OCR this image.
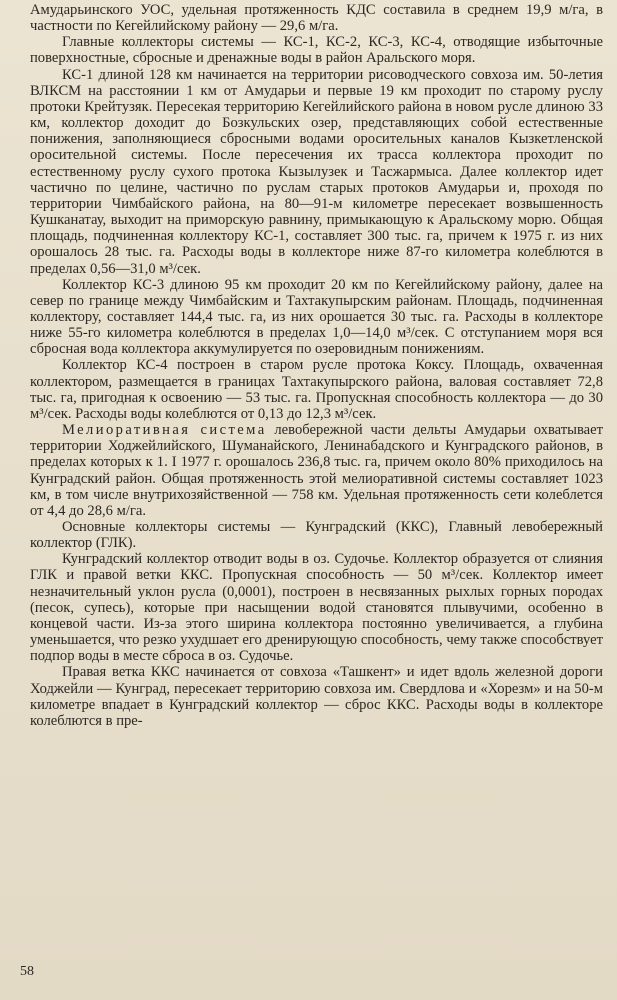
Амударьинского УОС, удельная протяженность КДС составила в среднем 19,9 м/га, в частности по Кегейлийскому району — 29,6 м/га.

Главные коллекторы системы — КС-1, КС-2, КС-3, КС-4, отводящие избыточные поверхностные, сбросные и дренажные воды в район Аральского моря.

КС-1 длиной 128 км начинается на территории рисоводческого совхоза им. 50-летия ВЛКСМ на расстоянии 1 км от Амударьи и первые 19 км проходит по старому руслу протоки Крейтузяк. Пересекая территорию Кегейлийского района в новом русле длиною 33 км, коллектор доходит до Бозкульских озер, представляющих собой естественные понижения, заполняющиеся сбросными водами оросительных каналов Кызкетленской оросительной системы. После пересечения их трасса коллектора проходит по естественному руслу сухого протока Кызылузек и Тасжармыса. Далее коллектор идет частично по целине, частично по руслам старых протоков Амударьи и, проходя по территории Чимбайского района, на 80—91-м километре пересекает возвышенность Кушканатау, выходит на приморскую равнину, примыкающую к Аральскому морю. Общая площадь, подчиненная коллектору КС-1, составляет 300 тыс. га, причем к 1975 г. из них орошалось 28 тыс. га. Расходы воды в коллекторе ниже 87-го километра колеблются в пределах 0,56—31,0 м³/сек.

Коллектор КС-3 длиною 95 км проходит 20 км по Кегейлийскому району, далее на север по границе между Чимбайским и Тахтакупырским районам. Площадь, подчиненная коллектору, составляет 144,4 тыс. га, из них орошается 30 тыс. га. Расходы в коллекторе ниже 55-го километра колеблются в пределах 1,0—14,0 м³/сек. С отступанием моря вся сбросная вода коллектора аккумулируется по озеровидным понижениям.

Коллектор КС-4 построен в старом русле протока Коксу. Площадь, охваченная коллектором, размещается в границах Тахтакупырского района, валовая составляет 72,8 тыс. га, пригодная к освоению — 53 тыс. га. Пропускная способность коллектора — до 30 м³/сек. Расходы воды колеблются от 0,13 до 12,3 м³/сек.

Мелиоративная система левобережной части дельты Амударьи охватывает территории Ходжейлийского, Шуманайского, Ленинабадского и Кунградского районов, в пределах которых к 1. I 1977 г. орошалось 236,8 тыс. га, причем около 80% приходилось на Кунградский район. Общая протяженность этой мелиоративной системы составляет 1023 км, в том числе внутрихозяйственной — 758 км. Удельная протяженность сети колеблется от 4,4 до 28,6 м/га.

Основные коллекторы системы — Кунградский (ККС), Главный левобережный коллектор (ГЛК).

Кунградский коллектор отводит воды в оз. Судочье. Коллектор образуется от слияния ГЛК и правой ветки ККС. Пропускная способность — 50 м³/сек. Коллектор имеет незначительный уклон русла (0,0001), построен в несвязанных рыхлых горных породах (песок, супесь), которые при насыщении водой становятся плывучими, особенно в концевой части. Из-за этого ширина коллектора постоянно увеличивается, а глубина уменьшается, что резко ухудшает его дренирующую способность, чему также способствует подпор воды в месте сброса в оз. Судочье.

Правая ветка ККС начинается от совхоза «Ташкент» и идет вдоль железной дороги Ходжейли — Кунград, пересекает территорию совхоза им. Свердлова и «Хорезм» и на 50-м километре впадает в Кунградский коллектор — сброс ККС. Расходы воды в коллекторе колеблются в пре-

58
